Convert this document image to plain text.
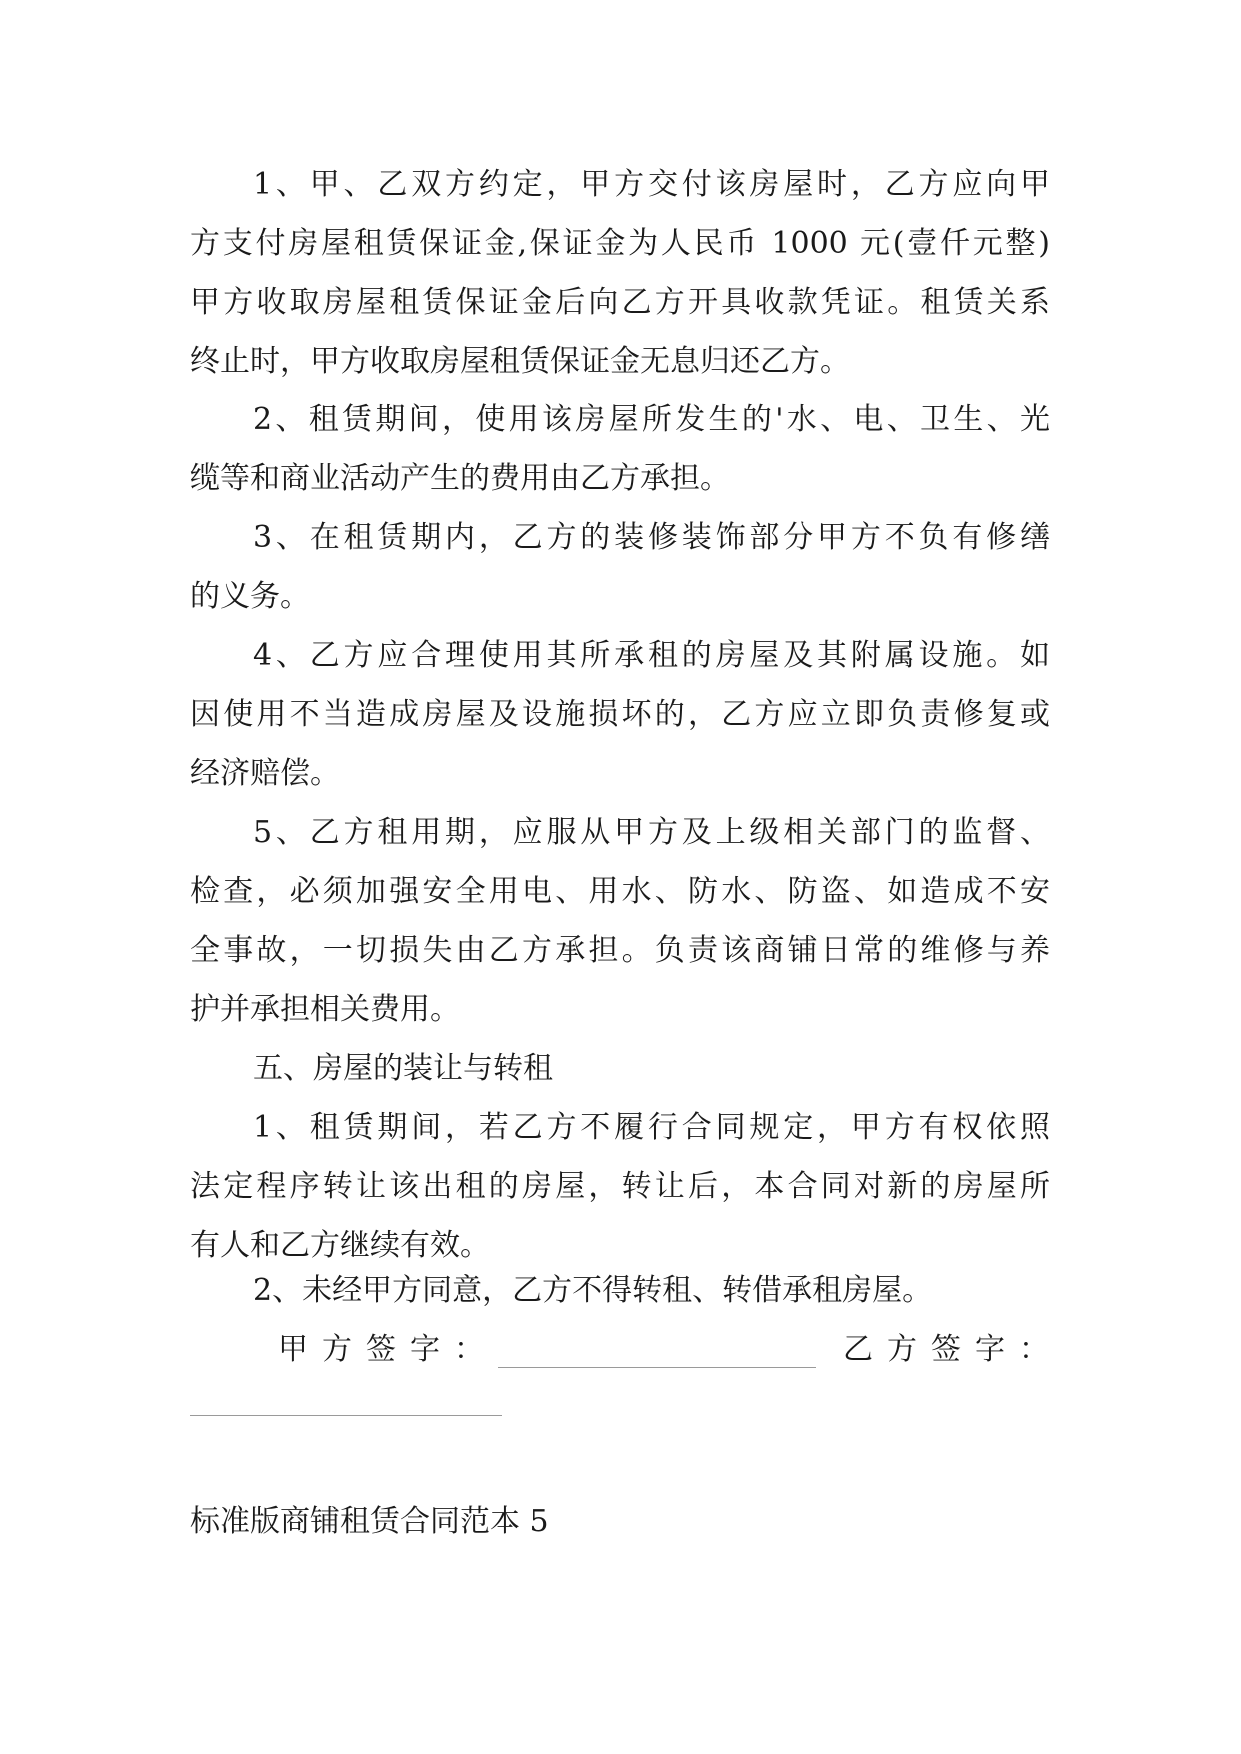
1、甲、乙双方约定，甲方交付该房屋时，乙方应向甲
方支付房屋租赁保证金,保证金为人民币 1000 元(壹仟元整)
甲方收取房屋租赁保证金后向乙方开具收款凭证。租赁关系
终止时，甲方收取房屋租赁保证金无息归还乙方。
2、租赁期间，使用该房屋所发生的'水、电、卫生、光
缆等和商业活动产生的费用由乙方承担。
3、在租赁期内，乙方的装修装饰部分甲方不负有修缮
的义务。
4、乙方应合理使用其所承租的房屋及其附属设施。如
因使用不当造成房屋及设施损坏的，乙方应立即负责修复或
经济赔偿。
5、乙方租用期，应服从甲方及上级相关部门的监督、
检查，必须加强安全用电、用水、防水、防盗、如造成不安
全事故，一切损失由乙方承担。负责该商铺日常的维修与养
护并承担相关费用。
五、房屋的装让与转租
1、租赁期间，若乙方不履行合同规定，甲方有权依照
法定程序转让该出租的房屋，转让后，本合同对新的房屋所
有人和乙方继续有效。
2、未经甲方同意，乙方不得转租、转借承租房屋。
甲方签字：	乙方签字：
标准版商铺租赁合同范本 5
